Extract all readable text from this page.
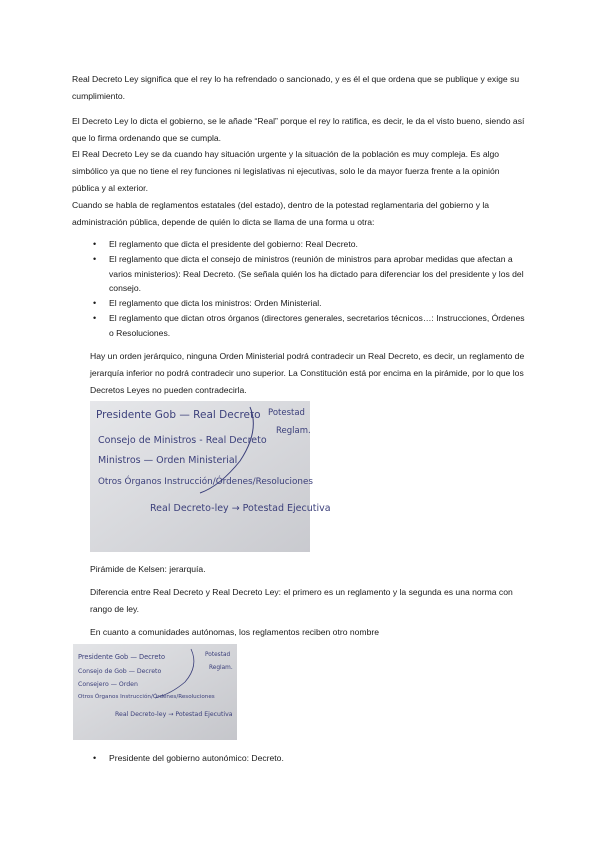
Real Decreto Ley significa que el rey lo ha refrendado o sancionado, y es él el que ordena que se publique y exige su cumplimiento.

El Decreto Ley lo dicta el gobierno, se le añade “Real” porque el rey lo ratifica, es decir, le da el visto bueno, siendo así que lo firma ordenando que se cumpla.

El Real Decreto Ley se da cuando hay situación urgente y la situación de la población es muy compleja. Es algo simbólico ya que no tiene el rey funciones ni legislativas ni ejecutivas, solo le da mayor fuerza frente a la opinión pública y al exterior.

Cuando se habla de reglamentos estatales (del estado), dentro de la potestad reglamentaria del gobierno y la administración pública, depende de quién lo dicta se llama de una forma u otra:

• El reglamento que dicta el presidente del gobierno: Real Decreto.

• El reglamento que dicta el consejo de ministros (reunión de ministros para aprobar medidas que afectan a varios ministerios): Real Decreto. (Se señala quién los ha dictado para diferenciar los del presidente y los del consejo.

• El reglamento que dicta los ministros: Orden Ministerial.

• El reglamento que dictan otros órganos (directores generales, secretarios técnicos…: Instrucciones, Órdenes o Resoluciones.

Hay un orden jerárquico, ninguna Orden Ministerial podrá contradecir un Real Decreto, es decir, un reglamento de jerarquía inferior no podrá contradecir uno superior. La Constitución está por encima en la pirámide, por lo que los Decretos Leyes no pueden contradecirla.

Presidente Gob — Real Decreto Potestad
Reglam.
Consejo de Ministros - Real Decreto
Ministros — Orden Ministerial
Otros Órganos Instrucción/Órdenes/Resoluciones
Real Decreto-ley → Potestad Ejecutiva

Pirámide de Kelsen: jerarquía.

Diferencia entre Real Decreto y Real Decreto Ley: el primero es un reglamento y la segunda es una norma con rango de ley.

En cuanto a comunidades autónomas, los reglamentos reciben otro nombre

Presidente Gob — Decreto	Potestad
Reglam.
Consejo de Gob — Decreto
Consejero — Orden
Otros Órganos Instrucción/Órdenes/Resoluciones
Real Decreto-ley → Potestad Ejecutiva
• Presidente del gobierno autonómico: Decreto.
